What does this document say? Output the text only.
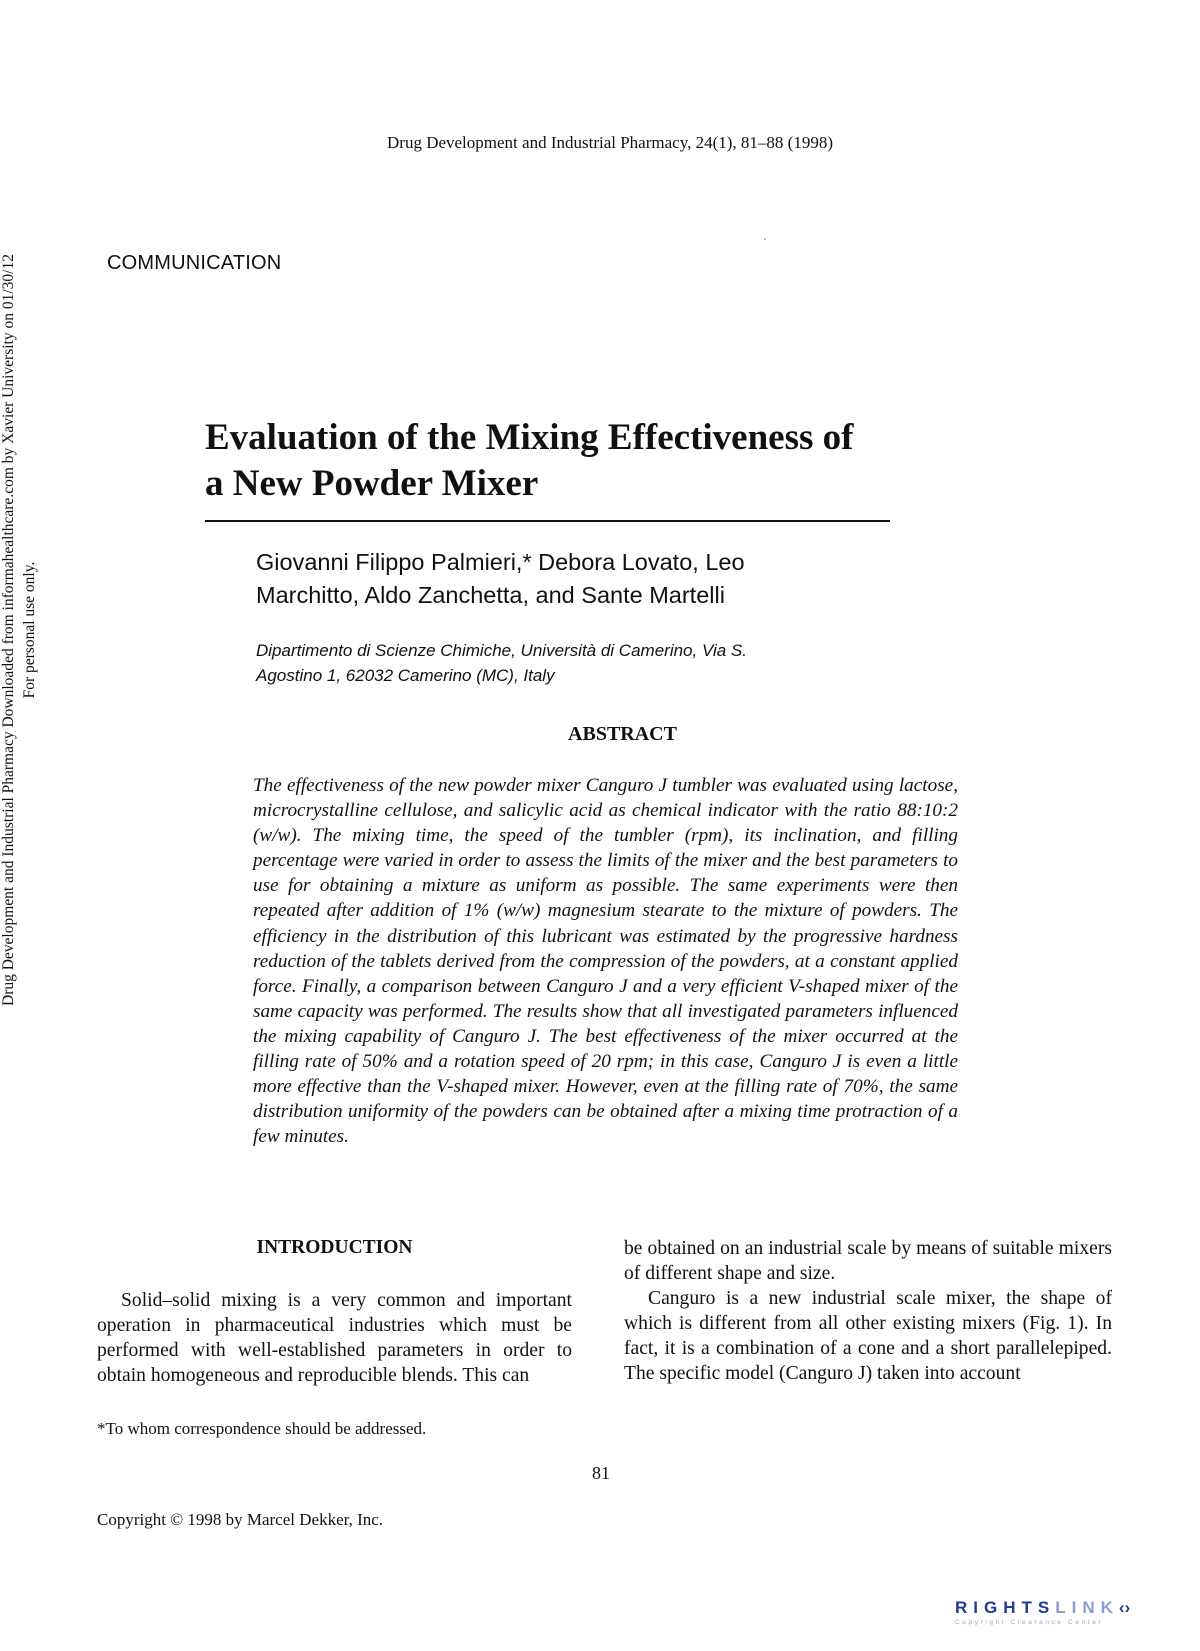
Drug Development and Industrial Pharmacy, 24(1), 81–88 (1998)
COMMUNICATION
Drug Development and Industrial Pharmacy Downloaded from informahealthcare.com by Xavier University on 01/30/12 For personal use only.
Evaluation of the Mixing Effectiveness of
a New Powder Mixer
Giovanni Filippo Palmieri,* Debora Lovato, Leo
Marchitto, Aldo Zanchetta, and Sante Martelli
Dipartimento di Scienze Chimiche, Università di Camerino, Via S.
Agostino 1, 62032 Camerino (MC), Italy
ABSTRACT
The effectiveness of the new powder mixer Canguro J tumbler was evaluated using lactose, microcrystalline cellulose, and salicylic acid as chemical indicator with the ratio 88:10:2 (w/w). The mixing time, the speed of the tumbler (rpm), its inclination, and filling percentage were varied in order to assess the limits of the mixer and the best parameters to use for obtaining a mixture as uniform as possible. The same experiments were then repeated after addition of 1% (w/w) magnesium stearate to the mixture of powders. The efficiency in the distribution of this lubricant was estimated by the progressive hardness reduction of the tablets derived from the compression of the powders, at a constant applied force. Finally, a comparison between Canguro J and a very efficient V-shaped mixer of the same capacity was performed. The results show that all investigated parameters influenced the mixing capability of Canguro J. The best effectiveness of the mixer occurred at the filling rate of 50% and a rotation speed of 20 rpm; in this case, Canguro J is even a little more effective than the V-shaped mixer. However, even at the filling rate of 70%, the same distribution uniformity of the powders can be obtained after a mixing time protraction of a few minutes.
INTRODUCTION

Solid–solid mixing is a very common and important operation in pharmaceutical industries which must be performed with well-established parameters in order to obtain homogeneous and reproducible blends. This can

be obtained on an industrial scale by means of suitable mixers of different shape and size.

Canguro is a new industrial scale mixer, the shape of which is different from all other existing mixers (Fig. 1). In fact, it is a combination of a cone and a short parallelepiped. The specific model (Canguro J) taken into account

*To whom correspondence should be addressed.
81
Copyright © 1998 by Marcel Dekker, Inc.
RIGHTSLINK‹›
Copyright Clearance Center
